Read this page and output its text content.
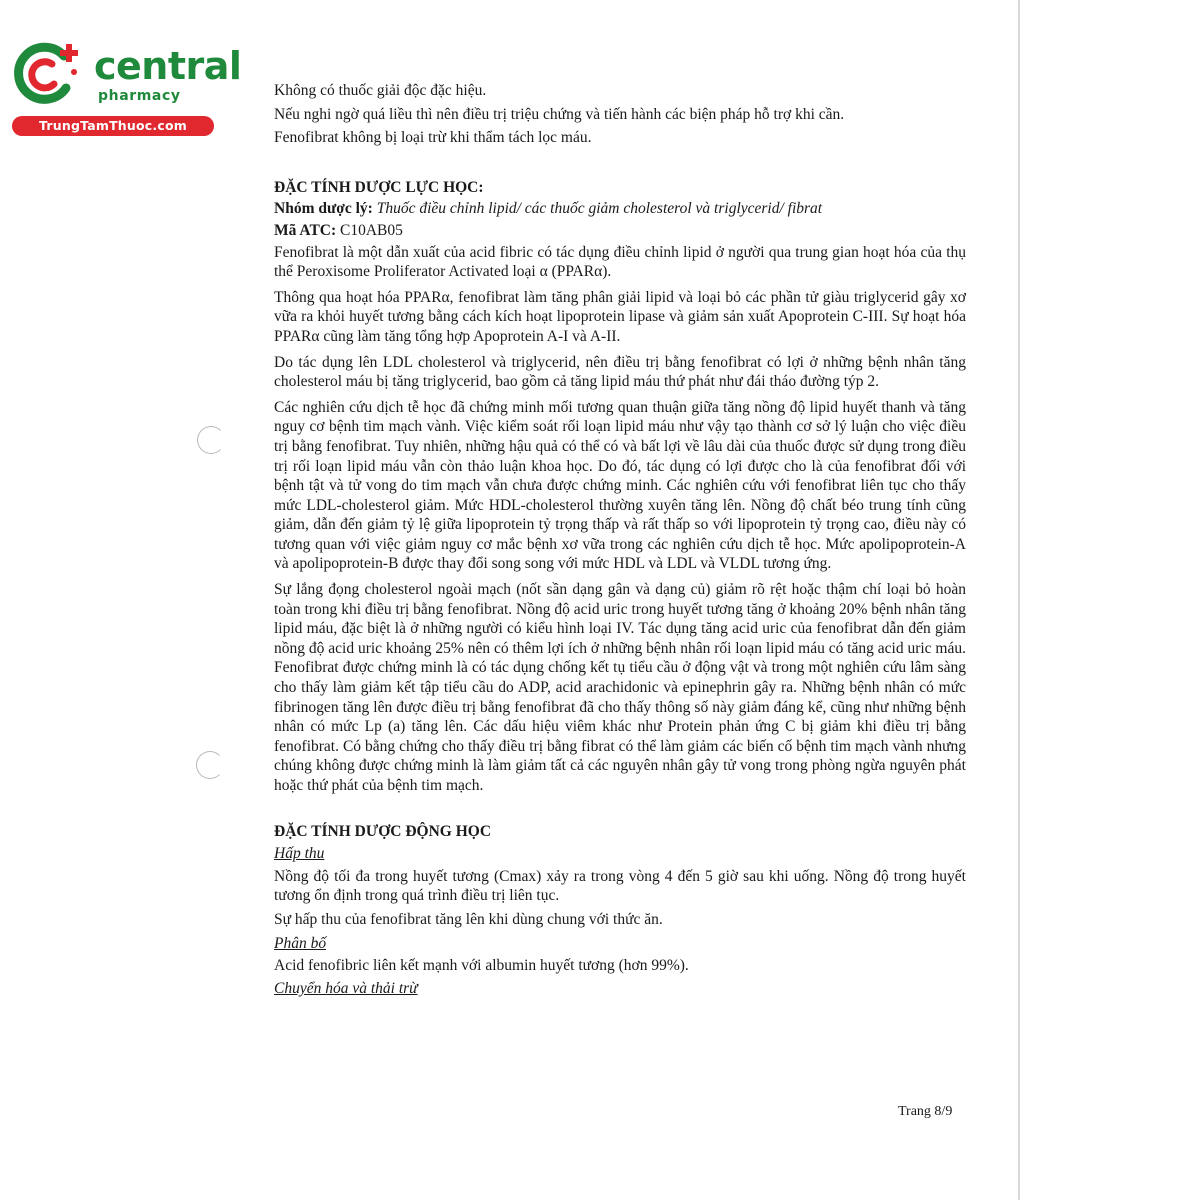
central
pharmacy
TrungTamThuoc.com

Không có thuốc giải độc đặc hiệu.

Nếu nghi ngờ quá liều thì nên điều trị triệu chứng và tiến hành các biện pháp hỗ trợ khi cần.

Fenofibrat không bị loại trừ khi thẩm tách lọc máu.

ĐẶC TÍNH DƯỢC LỰC HỌC:

Nhóm dược lý: Thuốc điều chỉnh lipid/ các thuốc giảm cholesterol và triglycerid/ fibrat

Mã ATC: C10AB05

Fenofibrat là một dẫn xuất của acid fibric có tác dụng điều chỉnh lipid ở người qua trung gian hoạt hóa của thụ thể Peroxisome Proliferator Activated loại α (PPARα).

Thông qua hoạt hóa PPARα, fenofibrat làm tăng phân giải lipid và loại bỏ các phần tử giàu triglycerid gây xơ vữa ra khỏi huyết tương bằng cách kích hoạt lipoprotein lipase và giảm sản xuất Apoprotein C-III. Sự hoạt hóa PPARα cũng làm tăng tổng hợp Apoprotein A-I và A-II.

Do tác dụng lên LDL cholesterol và triglycerid, nên điều trị bằng fenofibrat có lợi ở những bệnh nhân tăng cholesterol máu bị tăng triglycerid, bao gồm cả tăng lipid máu thứ phát như đái tháo đường týp 2.

Các nghiên cứu dịch tễ học đã chứng minh mối tương quan thuận giữa tăng nồng độ lipid huyết thanh và tăng nguy cơ bệnh tim mạch vành. Việc kiểm soát rối loạn lipid máu như vậy tạo thành cơ sở lý luận cho việc điều trị bằng fenofibrat. Tuy nhiên, những hậu quả có thể có và bất lợi về lâu dài của thuốc được sử dụng trong điều trị rối loạn lipid máu vẫn còn thảo luận khoa học. Do đó, tác dụng có lợi được cho là của fenofibrat đối với bệnh tật và tử vong do tim mạch vẫn chưa được chứng minh. Các nghiên cứu với fenofibrat liên tục cho thấy mức LDL-cholesterol giảm. Mức HDL-cholesterol thường xuyên tăng lên. Nồng độ chất béo trung tính cũng giảm, dẫn đến giảm tỷ lệ giữa lipoprotein tỷ trọng thấp và rất thấp so với lipoprotein tỷ trọng cao, điều này có tương quan với việc giảm nguy cơ mắc bệnh xơ vữa trong các nghiên cứu dịch tễ học. Mức apolipoprotein-A và apolipoprotein-B được thay đổi song song với mức HDL và LDL và VLDL tương ứng.

Sự lắng đọng cholesterol ngoài mạch (nốt sần dạng gân và dạng củ) giảm rõ rệt hoặc thậm chí loại bỏ hoàn toàn trong khi điều trị bằng fenofibrat. Nồng độ acid uric trong huyết tương tăng ở khoảng 20% bệnh nhân tăng lipid máu, đặc biệt là ở những người có kiểu hình loại IV. Tác dụng tăng acid uric của fenofibrat dẫn đến giảm nồng độ acid uric khoảng 25% nên có thêm lợi ích ở những bệnh nhân rối loạn lipid máu có tăng acid uric máu. Fenofibrat được chứng minh là có tác dụng chống kết tụ tiểu cầu ở động vật và trong một nghiên cứu lâm sàng cho thấy làm giảm kết tập tiểu cầu do ADP, acid arachidonic và epinephrin gây ra. Những bệnh nhân có mức fibrinogen tăng lên được điều trị bằng fenofibrat đã cho thấy thông số này giảm đáng kể, cũng như những bệnh nhân có mức Lp (a) tăng lên. Các dấu hiệu viêm khác như Protein phản ứng C bị giảm khi điều trị bằng fenofibrat. Có bằng chứng cho thấy điều trị bằng fibrat có thể làm giảm các biến cố bệnh tim mạch vành nhưng chúng không được chứng minh là làm giảm tất cả các nguyên nhân gây tử vong trong phòng ngừa nguyên phát hoặc thứ phát của bệnh tim mạch.

ĐẶC TÍNH DƯỢC ĐỘNG HỌC

Hấp thu

Nồng độ tối đa trong huyết tương (Cmax) xảy ra trong vòng 4 đến 5 giờ sau khi uống. Nồng độ trong huyết tương ổn định trong quá trình điều trị liên tục.

Sự hấp thu của fenofibrat tăng lên khi dùng chung với thức ăn.

Phân bố

Acid fenofibric liên kết mạnh với albumin huyết tương (hơn 99%).

Chuyển hóa và thải trừ

Trang 8/9
